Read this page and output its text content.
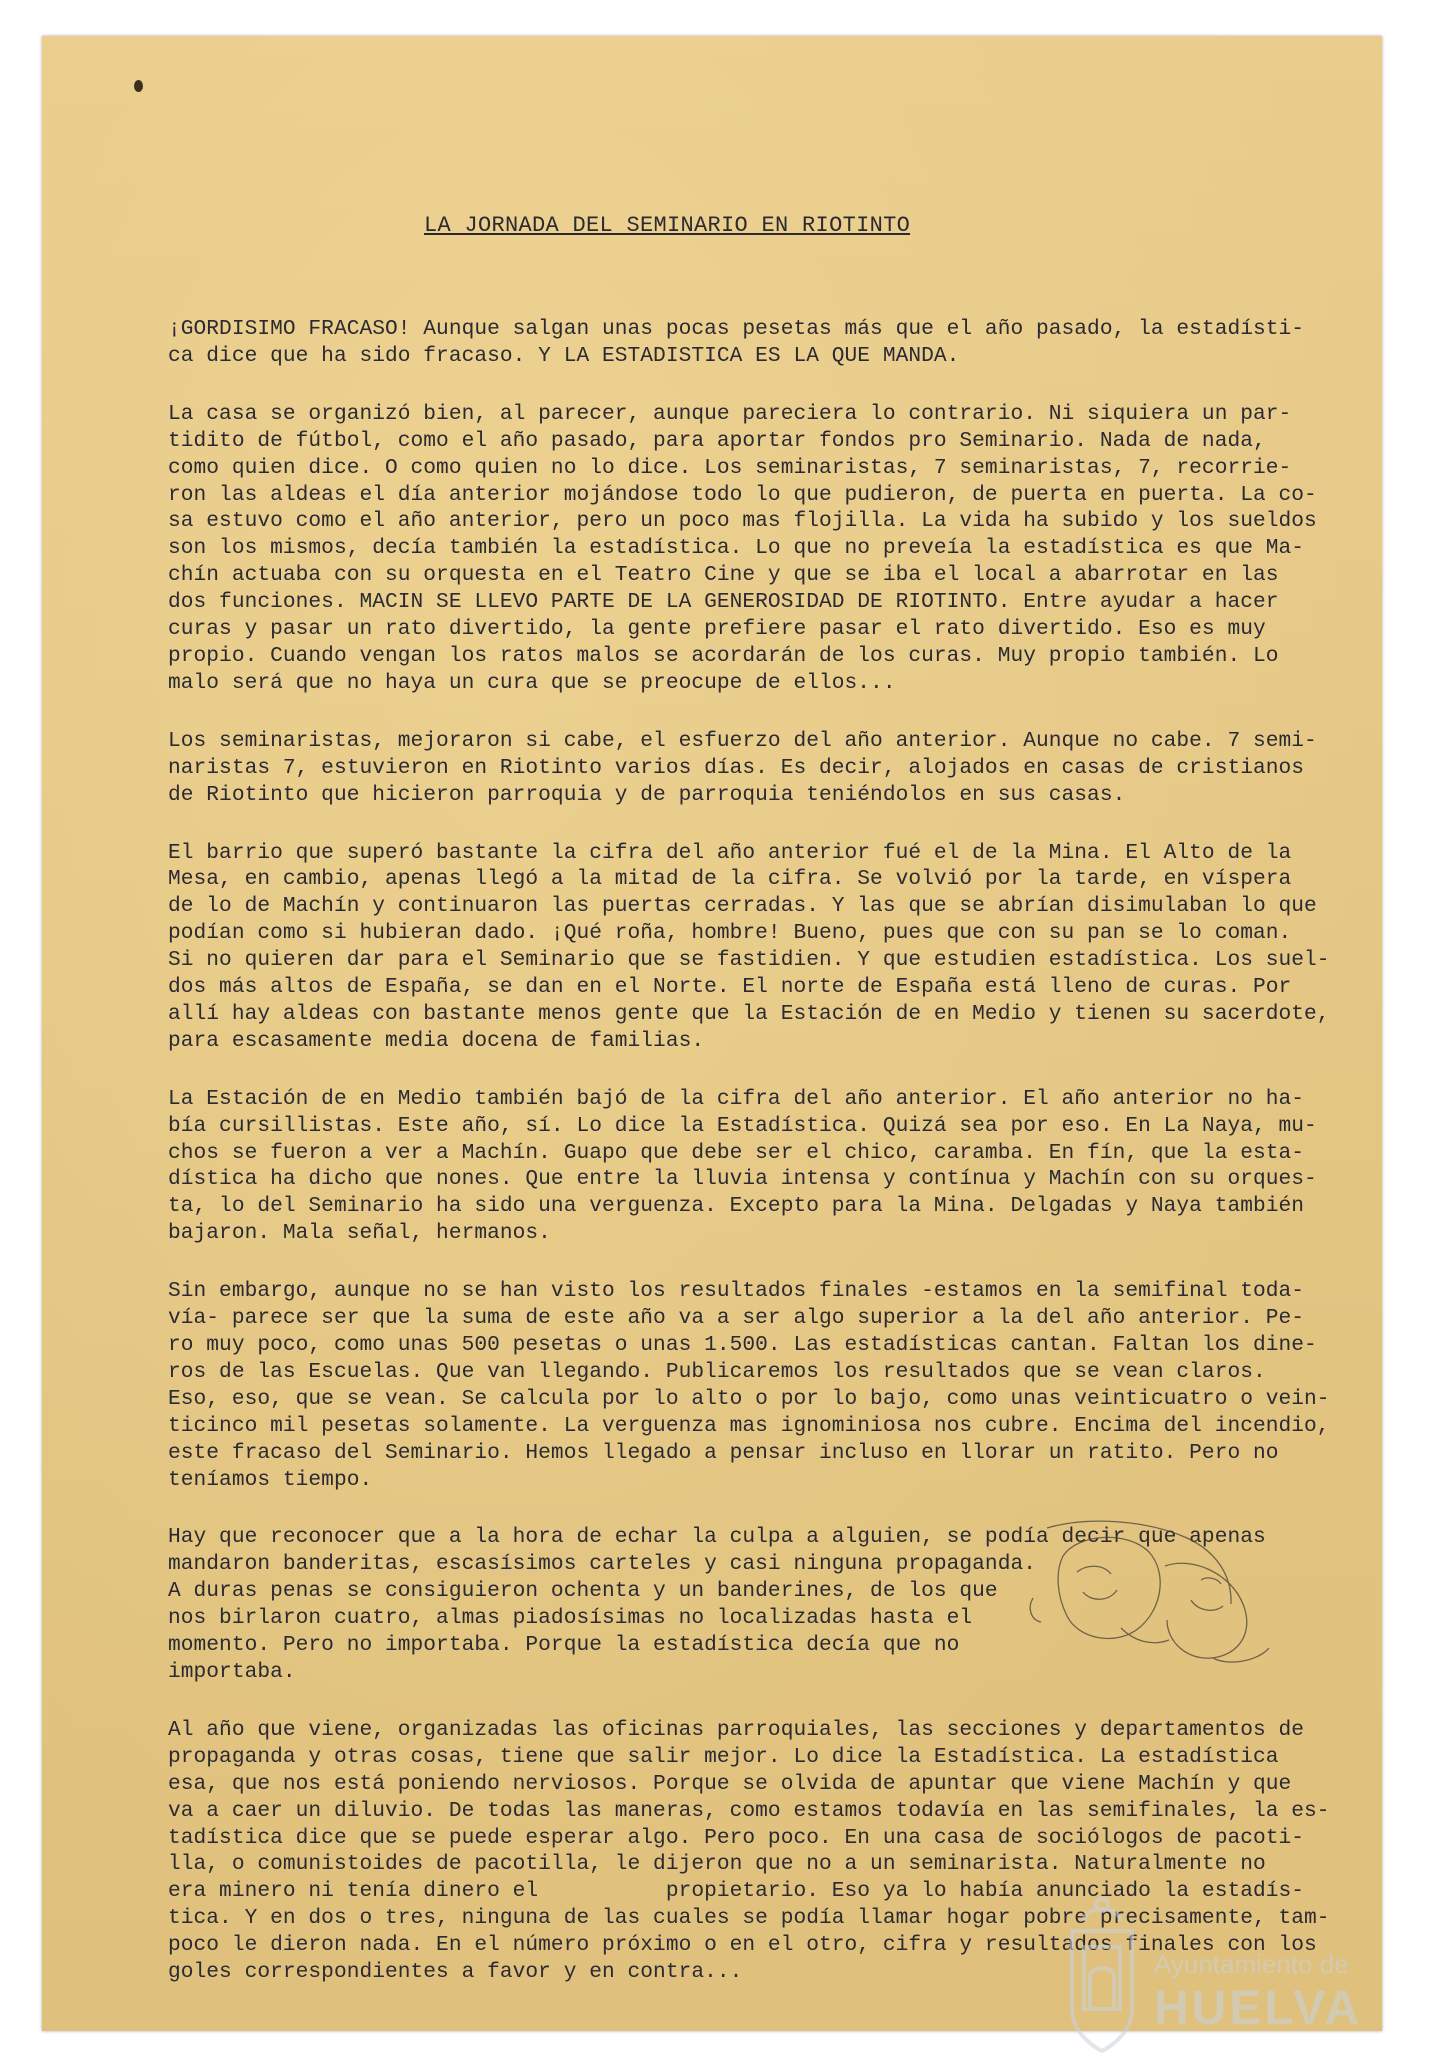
LA JORNADA DEL SEMINARIO EN RIOTINTO
¡GORDISIMO FRACASO! Aunque salgan unas pocas pesetas más que el año pasado, la estadísti-
ca dice que ha sido fracaso. Y LA ESTADISTICA ES LA QUE MANDA.
La casa se organizó bien, al parecer, aunque pareciera lo contrario. Ni siquiera un par-
tidito de fútbol, como el año pasado, para aportar fondos pro Seminario. Nada de nada,
como quien dice. O como quien no lo dice. Los seminaristas, 7 seminaristas, 7, recorrie-
ron las aldeas el día anterior mojándose todo lo que pudieron, de puerta en puerta. La co-
sa estuvo como el año anterior, pero un poco mas flojilla. La vida ha subido y los sueldos
son los mismos, decía también la estadística. Lo que no preveía la estadística es que Ma-
chín actuaba con su orquesta en el Teatro Cine y que se iba el local a abarrotar en las
dos funciones. MACIN SE LLEVO PARTE DE LA GENEROSIDAD DE RIOTINTO. Entre ayudar a hacer
curas y pasar un rato divertido, la gente prefiere pasar el rato divertido. Eso es muy
propio. Cuando vengan los ratos malos se acordarán de los curas. Muy propio también. Lo
malo será que no haya un cura que se preocupe de ellos...
Los seminaristas, mejoraron si cabe, el esfuerzo del año anterior. Aunque no cabe. 7 semi-
naristas 7, estuvieron en Riotinto varios días. Es decir, alojados en casas de cristianos
de Riotinto que hicieron parroquia y de parroquia teniéndolos en sus casas.
El barrio que superó bastante la cifra del año anterior fué el de la Mina. El Alto de la
Mesa, en cambio, apenas llegó a la mitad de la cifra. Se volvió por la tarde, en víspera
de lo de Machín y continuaron las puertas cerradas. Y las que se abrían disimulaban lo que
podían como si hubieran dado. ¡Qué roña, hombre! Bueno, pues que con su pan se lo coman.
Si no quieren dar para el Seminario que se fastidien. Y que estudien estadística. Los suel-
dos más altos de España, se dan en el Norte. El norte de España está lleno de curas. Por
allí hay aldeas con bastante menos gente que la Estación de en Medio y tienen su sacerdote,
para escasamente media docena de familias.
La Estación de en Medio también bajó de la cifra del año anterior. El año anterior no ha-
bía cursillistas. Este año, sí. Lo dice la Estadística. Quizá sea por eso. En La Naya, mu-
chos se fueron a ver a Machín. Guapo que debe ser el chico, caramba. En fín, que la esta-
dística ha dicho que nones. Que entre la lluvia intensa y contínua y Machín con su orques-
ta, lo del Seminario ha sido una verguenza. Excepto para la Mina. Delgadas y Naya también
bajaron. Mala señal, hermanos.
Sin embargo, aunque no se han visto los resultados finales -estamos en la semifinal toda-
vía- parece ser que la suma de este año va a ser algo superior a la del año anterior. Pe-
ro muy poco, como unas 500 pesetas o unas 1.500. Las estadísticas cantan. Faltan los dine-
ros de las Escuelas. Que van llegando. Publicaremos los resultados que se vean claros.
Eso, eso, que se vean. Se calcula por lo alto o por lo bajo, como unas veinticuatro o vein-
ticinco mil pesetas solamente. La verguenza mas ignominiosa nos cubre. Encima del incendio,
este fracaso del Seminario. Hemos llegado a pensar incluso en llorar un ratito. Pero no
teníamos tiempo.
Hay que reconocer que a la hora de echar la culpa a alguien, se podía decir que apenas
mandaron banderitas, escasísimos carteles y casi ninguna propaganda.
A duras penas se consiguieron ochenta y un banderines, de los que
nos birlaron cuatro, almas piadosísimas no localizadas hasta el
momento. Pero no importaba. Porque la estadística decía que no
importaba.
Al año que viene, organizadas las oficinas parroquiales, las secciones y departamentos de
propaganda y otras cosas, tiene que salir mejor. Lo dice la Estadística. La estadística
esa, que nos está poniendo nerviosos. Porque se olvida de apuntar que viene Machín y que
va a caer un diluvio. De todas las maneras, como estamos todavía en las semifinales, la es-
tadística dice que se puede esperar algo. Pero poco. En una casa de sociólogos de pacoti-
lla, o comunistoides de pacotilla, le dijeron que no a un seminarista. Naturalmente no
era minero ni tenía dinero el          propietario. Eso ya lo había anunciado la estadís-
tica. Y en dos o tres, ninguna de las cuales se podía llamar hogar pobre precisamente, tam-
poco le dieron nada. En el número próximo o en el otro, cifra y resultados finales con los
goles correspondientes a favor y en contra...	Ayuntamiento de
HUELVA
